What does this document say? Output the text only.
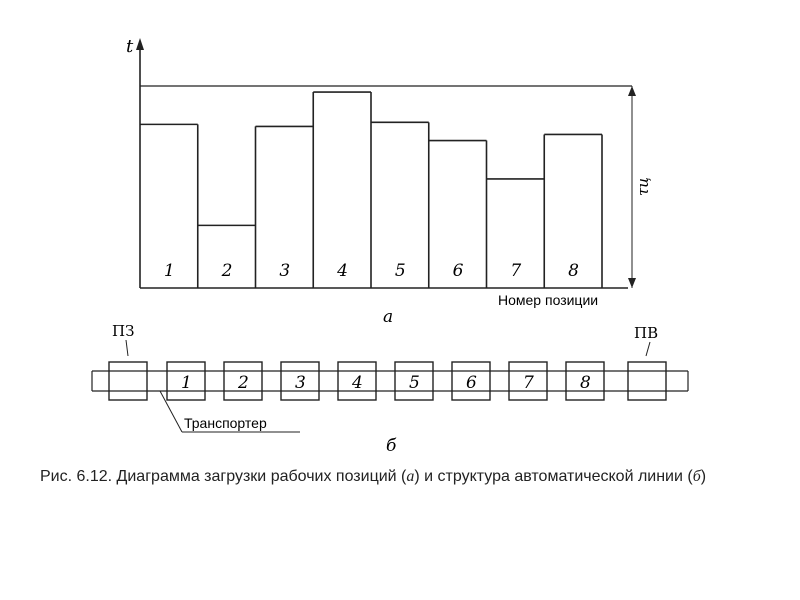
t
τц
Номер позиции
а
1	2	3	4	5	6	7	8
1	2	3	4	5	6	7	8
ПЗ	ПВ
Транспортер
б
Рис. 6.12. Диаграмма загрузки рабочих позиций (а) и структура автоматической линии (б)
